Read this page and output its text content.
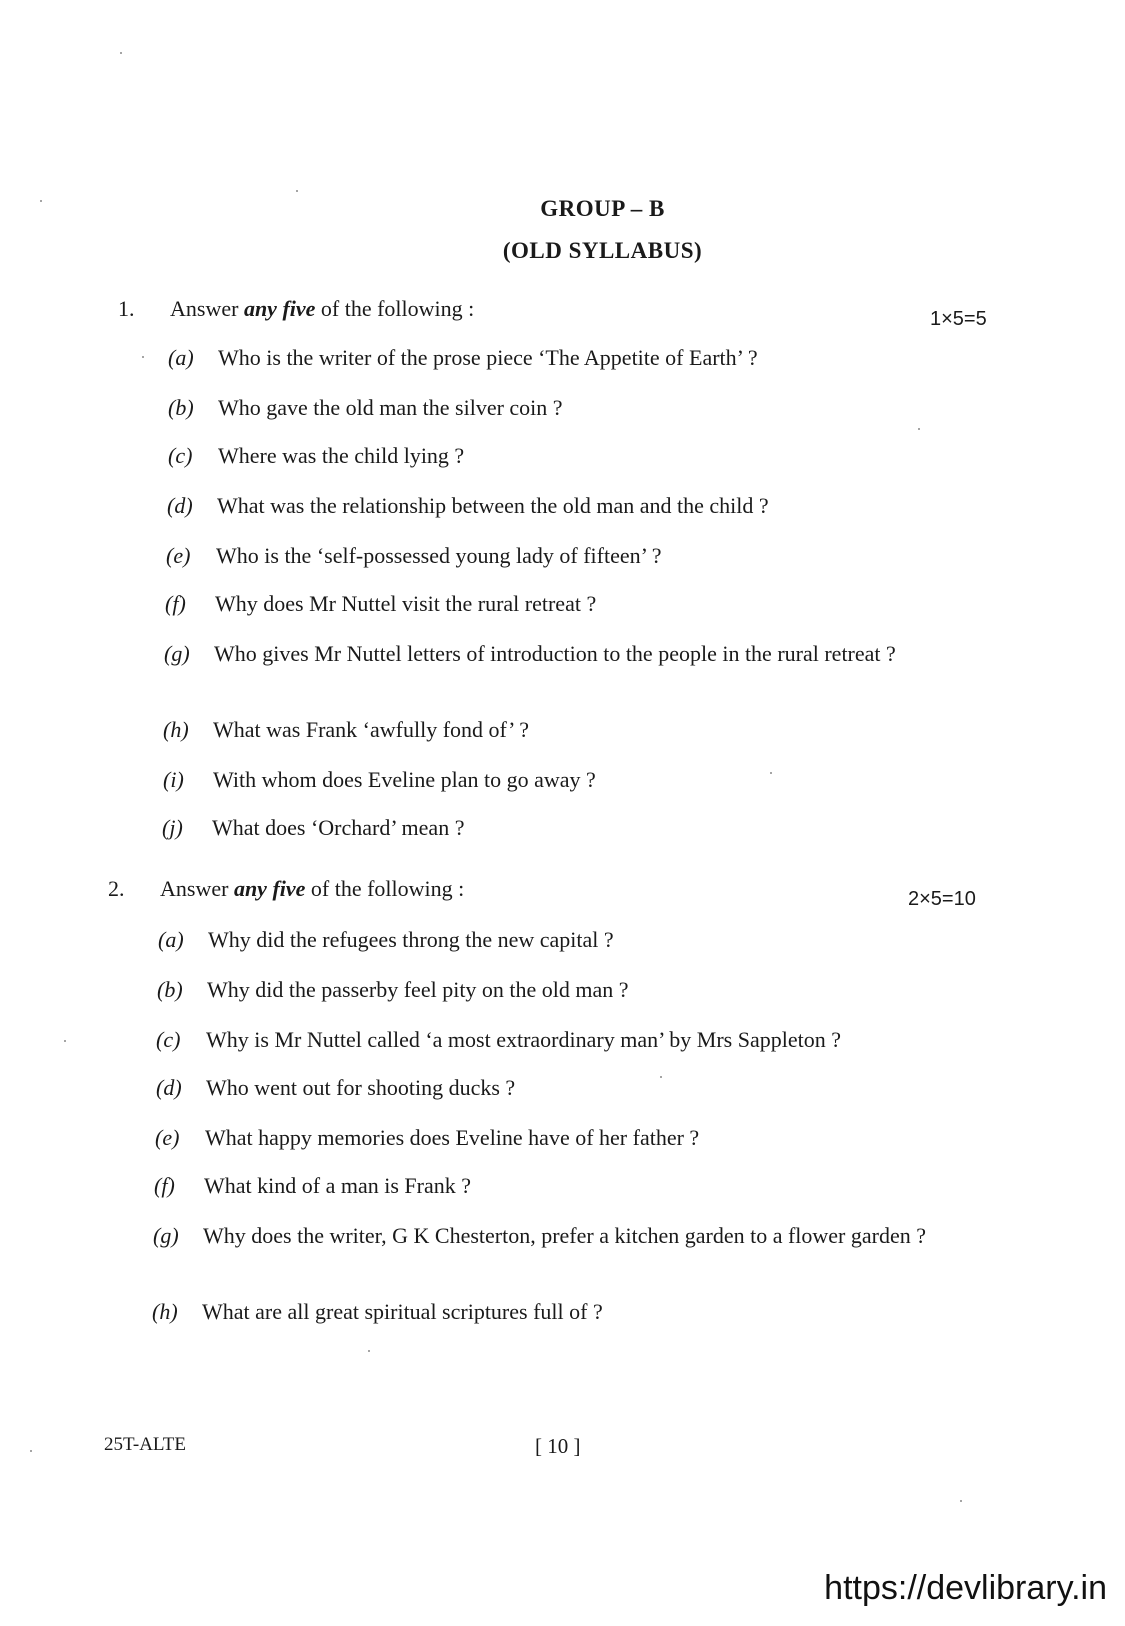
GROUP – B
(OLD SYLLABUS)
1. Answer any five of the following :	1×5=5
(a)	Who is the writer of the prose piece ‘The Appetite of Earth’ ?
(b)	Who gave the old man the silver coin ?
(c)	Where was the child lying ?
(d)	What was the relationship between the old man and the child ?
(e)	Who is the ‘self-possessed young lady of fifteen’ ?
(f)	Why does Mr Nuttel visit the rural retreat ?
(g)	Who gives Mr Nuttel letters of introduction to the people in the rural retreat ?
(h)	What was Frank ‘awfully fond of’ ?
(i)	With whom does Eveline plan to go away ?
(j)	What does ‘Orchard’ mean ?
2. Answer any five of the following :	2×5=10
(a)	Why did the refugees throng the new capital ?
(b)	Why did the passerby feel pity on the old man ?
(c)	Why is Mr Nuttel called ‘a most extraordinary man’ by Mrs Sappleton ?
(d)	Who went out for shooting ducks ?
(e)	What happy memories does Eveline have of her father ?
(f)	What kind of a man is Frank ?
(g)	Why does the writer, G K Chesterton, prefer a kitchen garden to a flower garden ?
(h)	What are all great spiritual scriptures full of ?
25T-ALTE	[ 10 ]
https://devlibrary.in
